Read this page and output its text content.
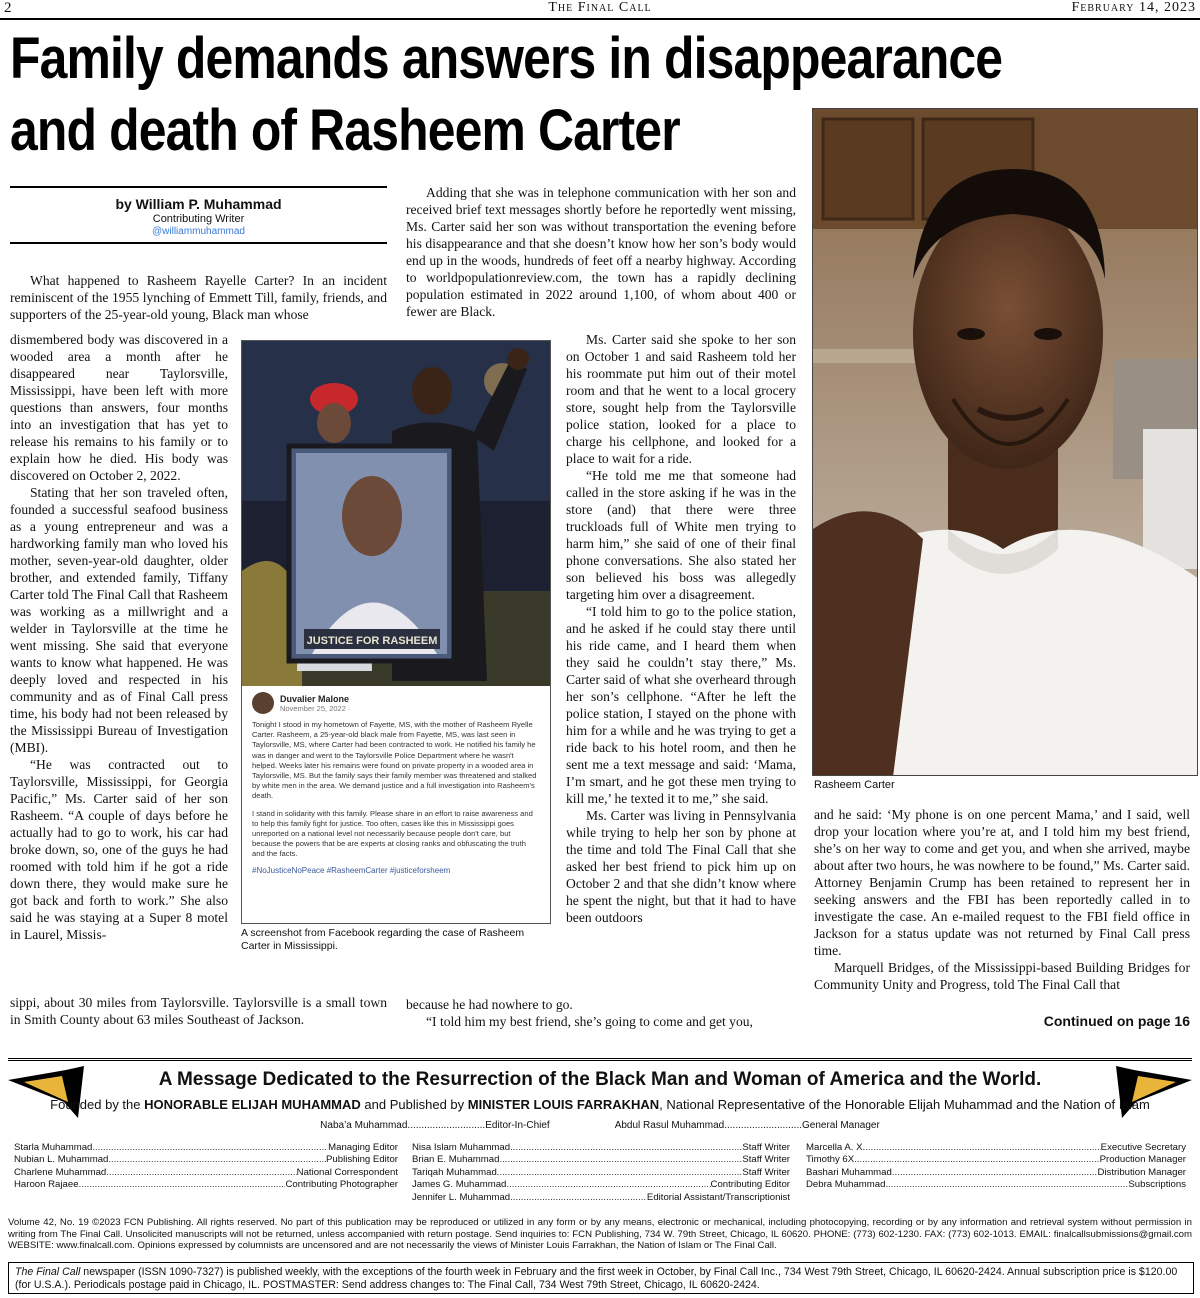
2	The Final Call	February 14, 2023
Family demands answers in disappearance
and death of Rasheem Carter
by William P. Muhammad
Contributing Writer
@williammuhammad

What happened to Rasheem Rayelle Carter? In an incident reminiscent of the 1955 lynching of Emmett Till, family, friends, and supporters of the 25-year-old young, Black man whose

dismembered body was discovered in a wooded area a month after he disappeared near Taylorsville, Mississippi, have been left with more questions than answers, four months into an investigation that has yet to release his remains to his family or to explain how he died. His body was discovered on October 2, 2022.

Stating that her son traveled often, founded a successful seafood business as a young entrepreneur and was a hardworking family man who loved his mother, seven-year-old daughter, older brother, and extended family, Tiffany Carter told The Final Call that Rasheem was working as a millwright and a welder in Taylorsville at the time he went missing. She said that everyone wants to know what happened. He was deeply loved and respected in his community and as of Final Call press time, his body had not been released by the Mississippi Bureau of Investigation (MBI).

“He was contracted out to Taylorsville, Mississippi, for Georgia Pacific,” Ms. Carter said of her son Rasheem. “A couple of days before he actually had to go to work, his car had broke down, so, one of the guys he had roomed with told him if he got a ride down there, they would make sure he got back and forth to work.” She also said he was staying at a Super 8 motel in Laurel, Missis-

sippi, about 30 miles from Taylorsville. Taylorsville is a small town in Smith County about 63 miles Southeast of Jackson.

Adding that she was in telephone communication with her son and received brief text messages shortly before he reportedly went missing, Ms. Carter said her son was without transportation the evening before his disappearance and that she doesn’t know how her son’s body would end up in the woods, hundreds of feet off a nearby highway. According to worldpopulationreview.com, the town has a rapidly declining population estimated in 2022 around 1,100, of whom about 400 or fewer are Black.

Ms. Carter said she spoke to her son on October 1 and said Rasheem told her his roommate put him out of their motel room and that he went to a local grocery store, sought help from the Taylorsville police station, looked for a place to charge his cellphone, and looked for a place to wait for a ride.

“He told me me that someone had called in the store asking if he was in the store (and) that there were three truckloads full of White men trying to harm him,” she said of one of their final phone conversations. She also stated her son believed his boss was allegedly targeting him over a disagreement.

“I told him to go to the police station, and he asked if he could stay there until his ride came, and I heard them when they said he couldn’t stay there,” Ms. Carter said of what she overheard through her son’s cellphone. “After he left the police station, I stayed on the phone with him for a while and he was trying to get a ride back to his hotel room, and then he sent me a text message and said: ‘Mama, I’m smart, and he got these men trying to kill me,’ he texted it to me,” she said.

Ms. Carter was living in Pennsylvania while trying to help her son by phone at the time and told The Final Call that she asked her best friend to pick him up on October 2 and that she didn’t know where he spent the night, but that it had to have been outdoors

because he had nowhere to go.

“I told him my best friend, she’s going to come and get you,

and he said: ‘My phone is on one percent Mama,’ and I said, well drop your location where you’re at, and I told him my best friend, she’s on her way to come and get you, and when she arrived, maybe about after two hours, he was nowhere to be found,” Ms. Carter said. Attorney Benjamin Crump has been retained to represent her in seeking answers and the FBI has been reportedly called in to investigate the case. An e-mailed request to the FBI field office in Jackson for a status update was not returned by Final Call press time.

Marquell Bridges, of the Mississippi-based Building Bridges for Community Unity and Progress, told The Final Call that

Continued on page 16
Rasheem Carter
JUSTICE FOR RASHEEM
Duvalier Malone
November 25, 2022 ·
Tonight I stood in my hometown of Fayette, MS, with the mother of Rasheem Ryelle Carter. Rasheem, a 25-year-old black male from Fayette, MS, was last seen in Taylorsville, MS, where Carter had been contracted to work. He notified his family he was in danger and went to the Taylorsville Police Department where he wasn't helped. Weeks later his remains were found on private property in a wooded area in Taylorsville, MS. But the family says their family member was threatened and stalked by white men in the area. We demand justice and a full investigation into Rasheem's death.
I stand in solidarity with this family. Please share in an effort to raise awareness and to help this family fight for justice. Too often, cases like this in Mississippi goes unreported on a national level not necessarily because people don't care, but because the powers that be are experts at closing ranks and obfuscating the truth and the facts.
#NoJusticeNoPeace #RasheemCarter #justiceforsheem
A screenshot from Facebook regarding the case of Rasheem Carter in Mississippi.
A Message Dedicated to the Resurrection of the Black Man and Woman of America and the World.
Founded by the HONORABLE ELIJAH MUHAMMAD and Published by MINISTER LOUIS FARRAKHAN, National Representative of the Honorable Elijah Muhammad and the Nation of Islam
Naba’a Muhammad............................Editor-In-Chief	Abdul Rasul Muhammad............................General Manager
Starla Muhammad .....	Managing Editor
Nubian L. Muhammad .....	Publishing Editor
Charlene Muhammad .....	National Correspondent
Haroon Rajaee .....	Contributing Photographer
Nisa Islam Muhammad .....	Staff Writer
Brian E. Muhammad .....	Staff Writer
Tariqah Muhammad .....	Staff Writer
James G. Muhammad .....	Contributing Editor
Jennifer L. Muhammad .....	Editorial Assistant/Transcriptionist
Marcella A. X. .....	Executive Secretary
Timothy 6X .....	Production Manager
Bashari Muhammad .....	Distribution Manager
Debra Muhammad .....	Subscriptions
Volume 42, No. 19 ©2023 FCN Publishing. All rights reserved. No part of this publication may be reproduced or utilized in any form or by any means, electronic or mechanical, including photocopying, recording or by any information and retrieval system without permission in writing from The Final Call. Unsolicited manuscripts will not be returned, unless accompanied with return postage. Send inquiries to: FCN Publishing, 734 W. 79th Street, Chicago, IL 60620. PHONE: (773) 602-1230. FAX: (773) 602-1013. EMAIL: finalcallsubmissions@gmail.com WEBSITE: www.finalcall.com. Opinions expressed by columnists are uncensored and are not necessarily the views of Minister Louis Farrakhan, the Nation of Islam or The Final Call.
The Final Call newspaper (ISSN 1090-7327) is published weekly, with the exceptions of the fourth week in February and the first week in October, by Final Call Inc., 734 West 79th Street, Chicago, IL 60620-2424. Annual subscription price is $120.00 (for U.S.A.). Periodicals postage paid in Chicago, IL. POSTMASTER: Send address changes to: The Final Call, 734 West 79th Street, Chicago, IL 60620-2424.
